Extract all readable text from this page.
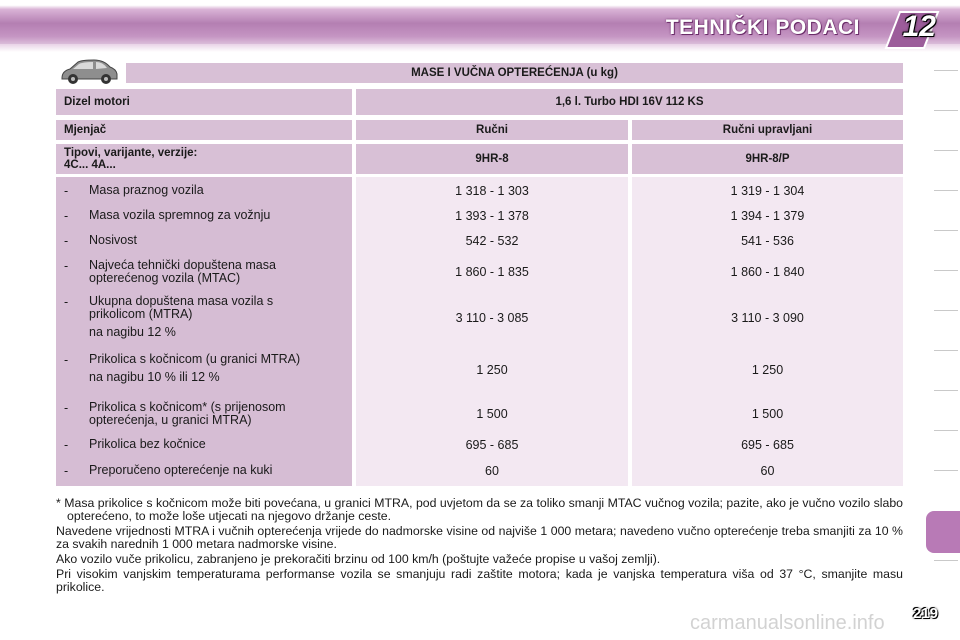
TEHNIČKI PODACI 12
MASE I VUČNA OPTEREĆENJA (u kg)
Dizel motori	1,6 l. Turbo HDI 16V 112 KS
Mjenjač	Ručni	Ručni upravljani
Tipovi, varijante, verzije:
4C... 4A...	9HR-8	9HR-8/P
-	Masa praznog vozila	1 318 - 1 303	1 319 - 1 304
-	Masa vozila spremnog za vožnju	1 393 - 1 378	1 394 - 1 379
-	Nosivost	542 - 532	541 - 536
-	Najveća tehnički dopuštena masa
opterećenog vozila (MTAC)	1 860 - 1 835	1 860 - 1 840
-	Ukupna dopuštena masa vozila s
prikolicom (MTRA)
na nagibu 12 %
3 110 - 3 085	3 110 - 3 090
-	Prikolica s kočnicom (u granici MTRA)
na nagibu 10 % ili 12 %	1 250	1 250
-	Prikolica s kočnicom* (s prijenosom
opterećenja, u granici MTRA)	1 500	1 500
-	Prikolica bez kočnice	695 - 685	695 - 685
-	Preporučeno opterećenje na kuki	60	60

* Masa prikolice s kočnicom može biti povećana, u granici MTRA, pod uvjetom da se za toliko smanji MTAC vučnog vozila; pazite, ako je vučno vozilo slabo opterećeno, to može loše utjecati na njegovo držanje ceste.

Navedene vrijednosti MTRA i vučnih opterećenja vrijede do nadmorske visine od najviše 1 000 metara; navedeno vučno opterećenje treba smanjiti za 10 % za svakih narednih 1 000 metara nadmorske visine.

Ako vozilo vuče prikolicu, zabranjeno je prekoračiti brzinu od 100 km/h (poštujte važeće propise u vašoj zemlji).

Pri visokim vanjskim temperaturama performanse vozila se smanjuju radi zaštite motora; kada je vanjska temperatura viša od 37 °C, smanjite masu prikolice.

219
carmanualsonline.info
